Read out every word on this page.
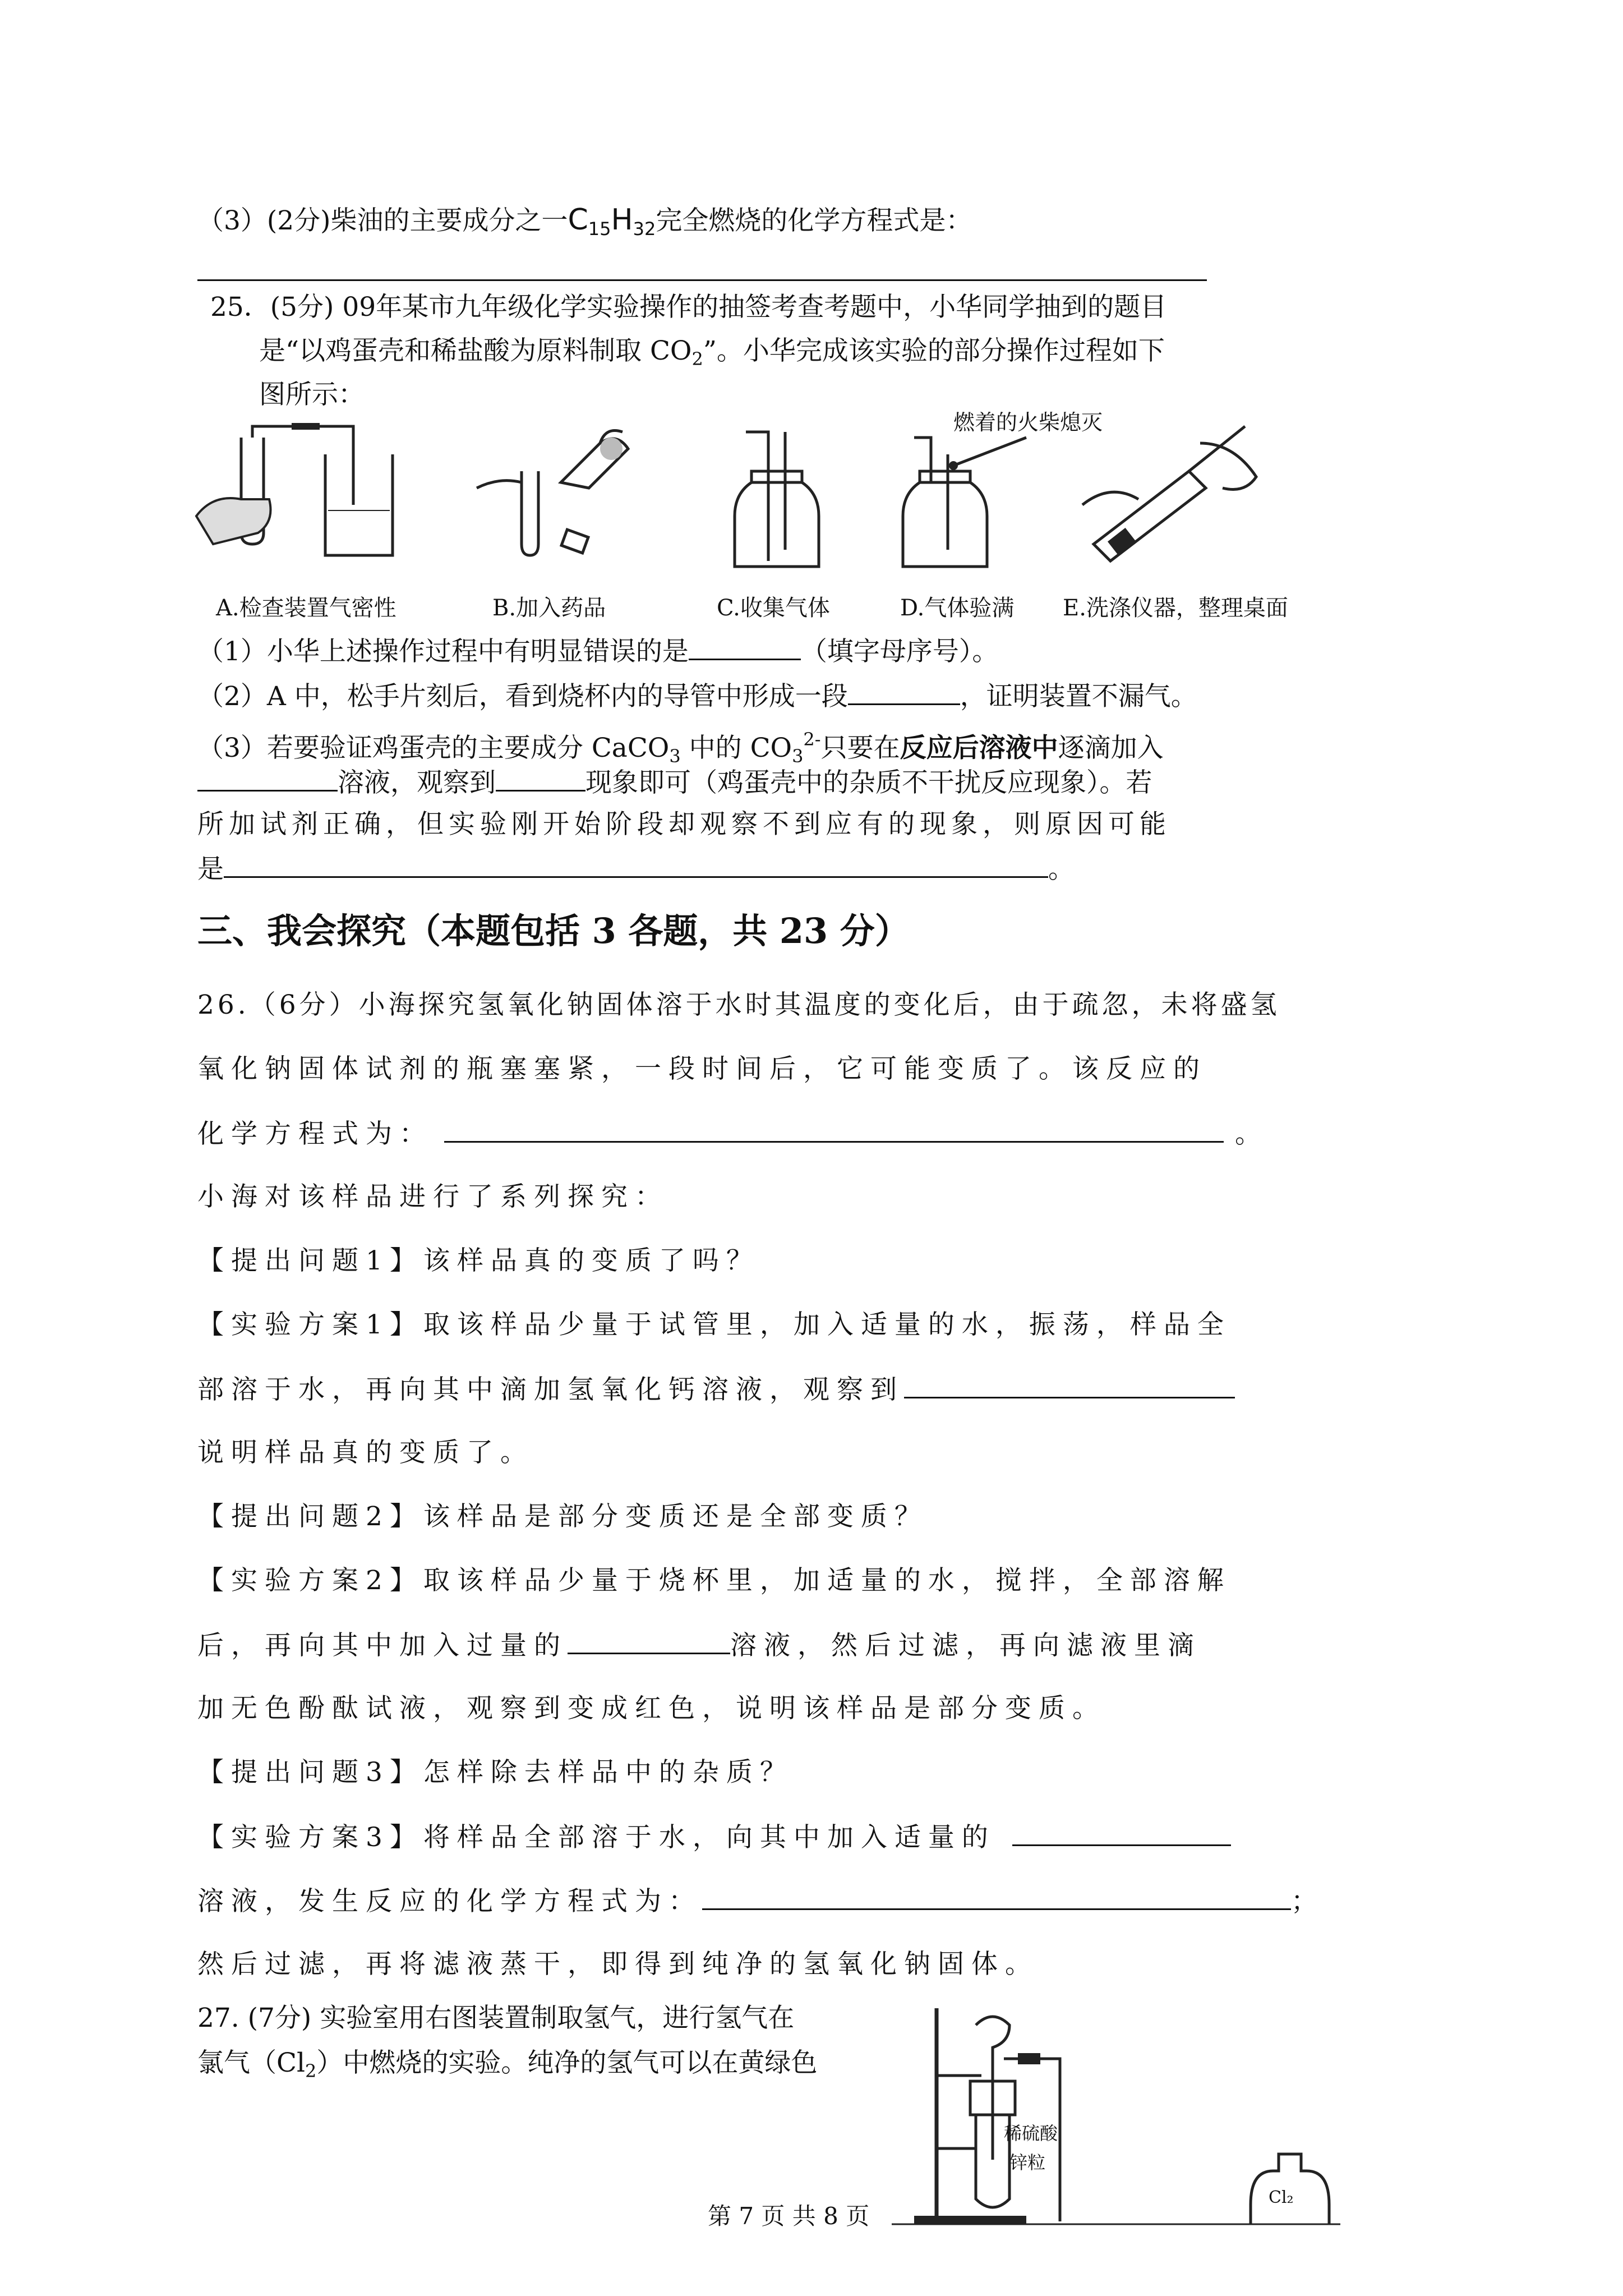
（3）(2分)柴油的主要成分之一$C_{15}H_{32}$完全燃烧的化学方程式是：
25．(5分) 09年某市九年级化学实验操作的抽签考查考题中，小华同学抽到的题目
是“以鸡蛋壳和稀盐酸为原料制取 $CO_2$”。小华完成该实验的部分操作过程如下
图所示：
燃着的火柴熄灭
A.检查装置气密性	B.加入药品	C.收集气体	D.气体验满 E.洗涤仪器，整理桌面
（1）小华上述操作过程中有明显错误的是	（填字母序号）。
（2）A 中，松手片刻后，看到烧杯内的导管中形成一段	，证明装置不漏气。
（3）若要验证鸡蛋壳的主要成分 CaCO$_3$ 中的 $CO_3^{2-}$只要在反应后溶液中逐滴加入
溶液，观察到	现象即可（鸡蛋壳中的杂质不干扰反应现象）。若
所加试剂正确，但实验刚开始阶段却观察不到应有的现象，则原因可能
是	。
三、我会探究（本题包括 3 各题，共 23 分）
26.（6分）小海探究氢氧化钠固体溶于水时其温度的变化后，由于疏忽，未将盛氢
氧化钠固体试剂的瓶塞塞紧，一段时间后，它可能变质了。该反应的
化学方程式为：	。
小海对该样品进行了系列探究：
【提出问题1】该样品真的变质了吗？
【实验方案1】取该样品少量于试管里，加入适量的水，振荡，样品全
部溶于水，再向其中滴加氢氧化钙溶液，观察到
说明样品真的变质了。
【提出问题2】该样品是部分变质还是全部变质？
【实验方案2】取该样品少量于烧杯里，加适量的水，搅拌，全部溶解
后，再向其中加入过量的	溶液，然后过滤，再向滤液里滴
加无色酚酞试液，观察到变成红色，说明该样品是部分变质。
【提出问题3】怎样除去样品中的杂质？
【实验方案3】将样品全部溶于水，向其中加入适量的
溶液，发生反应的化学方程式为：	；
然后过滤，再将滤液蒸干，即得到纯净的氢氧化钠固体。
27. (7分) 实验室用右图装置制取氢气，进行氢气在
氯气$(Cl_2)$中燃烧的实验。纯净的氢气可以在黄绿色
稀硫酸
锌粒
Cl₂
第 7 页 共 8 页
